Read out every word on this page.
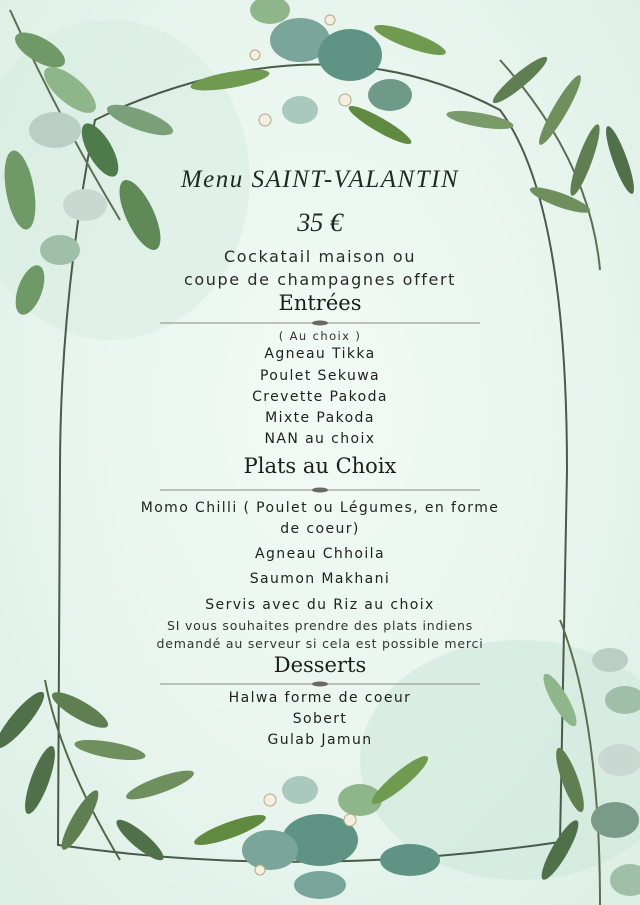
Menu SAINT-VALANTIN
35 €
Cockatail maison ou
coupe de champagnes offert
Entrées
( Au choix )
Agneau Tikka
Poulet Sekuwa
Crevette Pakoda
Mixte Pakoda
NAN au choix
Plats au Choix
Momo Chilli ( Poulet ou Légumes, en forme
de coeur)
Agneau Chhoila
Saumon Makhani
Servis avec du Riz au choix
SI vous souhaites prendre des plats indiens
demandé au serveur si cela est possible merci
Desserts
Halwa forme de coeur
Sobert
Gulab Jamun
